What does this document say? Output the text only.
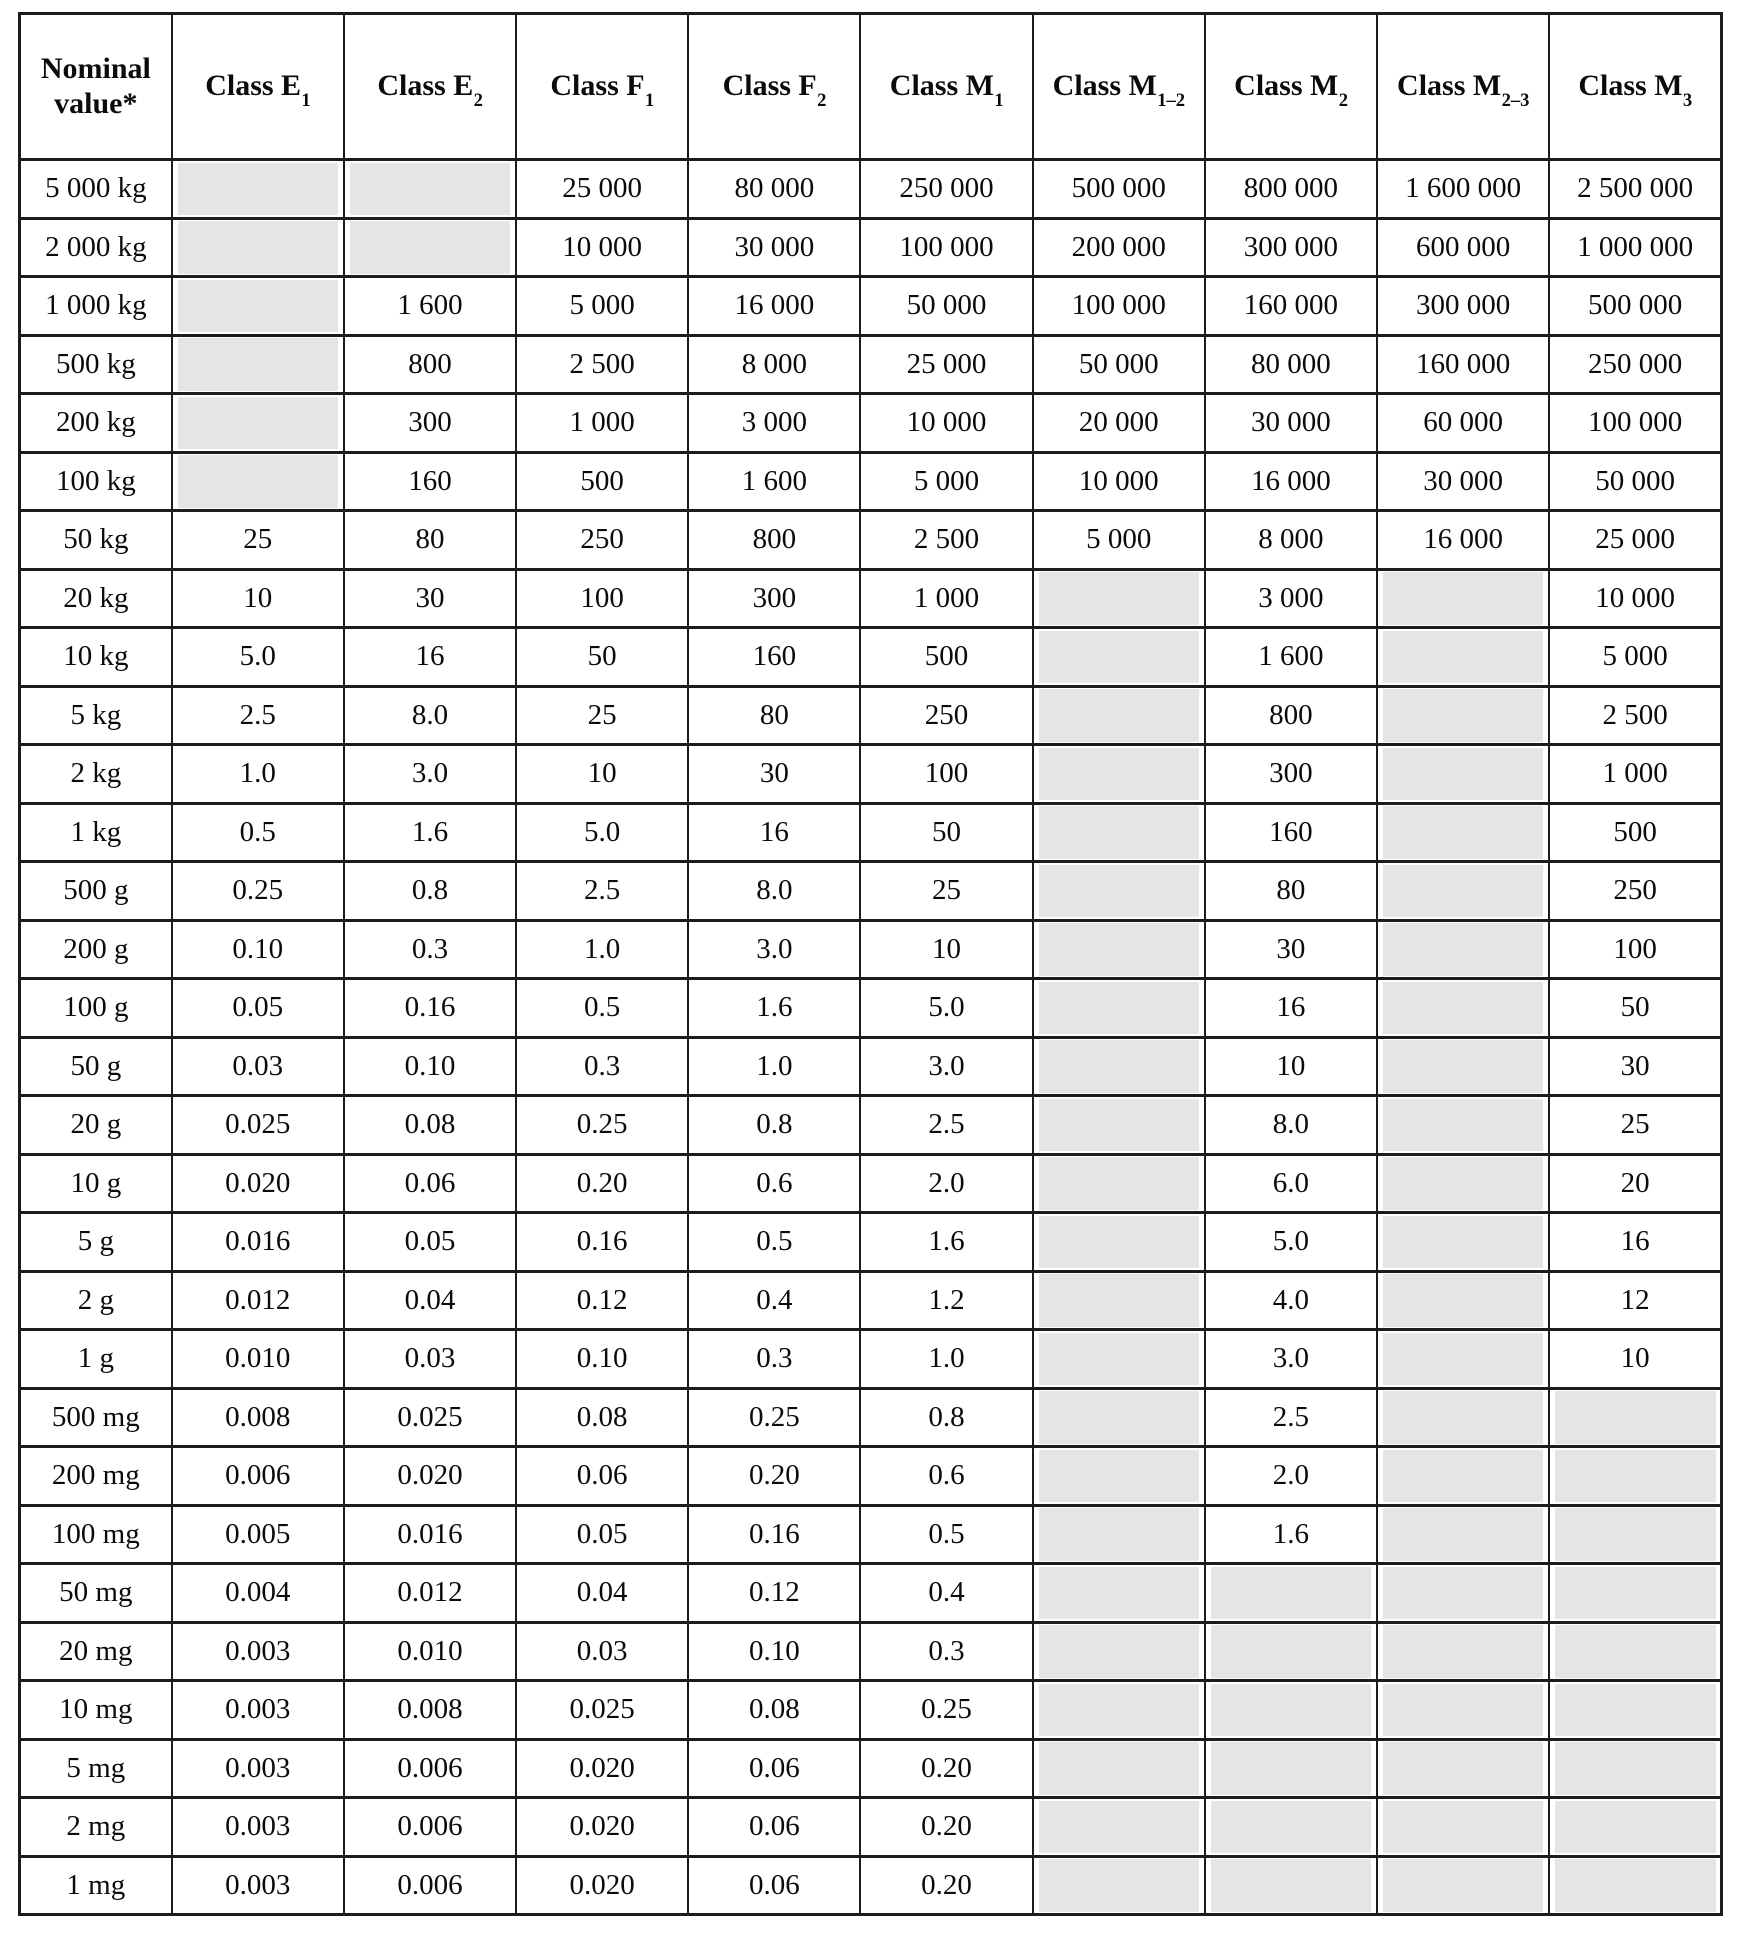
Nominal value*	Class $E_1$	Class $E_2$	Class $F_1$	Class $F_2$	Class $M_1$	Class $M_{1-2}$	Class $M_2$	Class $M_{2-3}$	Class $M_3$
5 000 kg			25 000	80 000	250 000	500 000	800 000	1 600 000	2 500 000
2 000 kg			10 000	30 000	100 000	200 000	300 000	600 000	1 000 000
1 000 kg		1 600	5 000	16 000	50 000	100 000	160 000	300 000	500 000
500 kg		800	2 500	8 000	25 000	50 000	80 000	160 000	250 000
200 kg		300	1 000	3 000	10 000	20 000	30 000	60 000	100 000
100 kg		160	500	1 600	5 000	10 000	16 000	30 000	50 000
50 kg	25	80	250	800	2 500	5 000	8 000	16 000	25 000
20 kg	10	30	100	300	1 000		3 000		10 000
10 kg	5.0	16	50	160	500		1 600		5 000
5 kg	2.5	8.0	25	80	250		800		2 500
2 kg	1.0	3.0	10	30	100		300		1 000
1 kg	0.5	1.6	5.0	16	50		160		500
500 g	0.25	0.8	2.5	8.0	25		80		250
200 g	0.10	0.3	1.0	3.0	10		30		100
100 g	0.05	0.16	0.5	1.6	5.0		16		50
50 g	0.03	0.10	0.3	1.0	3.0		10		30
20 g	0.025	0.08	0.25	0.8	2.5		8.0		25
10 g	0.020	0.06	0.20	0.6	2.0		6.0		20
5 g	0.016	0.05	0.16	0.5	1.6		5.0		16
2 g	0.012	0.04	0.12	0.4	1.2		4.0		12
1 g	0.010	0.03	0.10	0.3	1.0		3.0		10
500 mg	0.008	0.025	0.08	0.25	0.8		2.5		
200 mg	0.006	0.020	0.06	0.20	0.6		2.0		
100 mg	0.005	0.016	0.05	0.16	0.5		1.6		
50 mg	0.004	0.012	0.04	0.12	0.4				
20 mg	0.003	0.010	0.03	0.10	0.3				
10 mg	0.003	0.008	0.025	0.08	0.25				
5 mg	0.003	0.006	0.020	0.06	0.20				
2 mg	0.003	0.006	0.020	0.06	0.20				
1 mg	0.003	0.006	0.020	0.06	0.20				
